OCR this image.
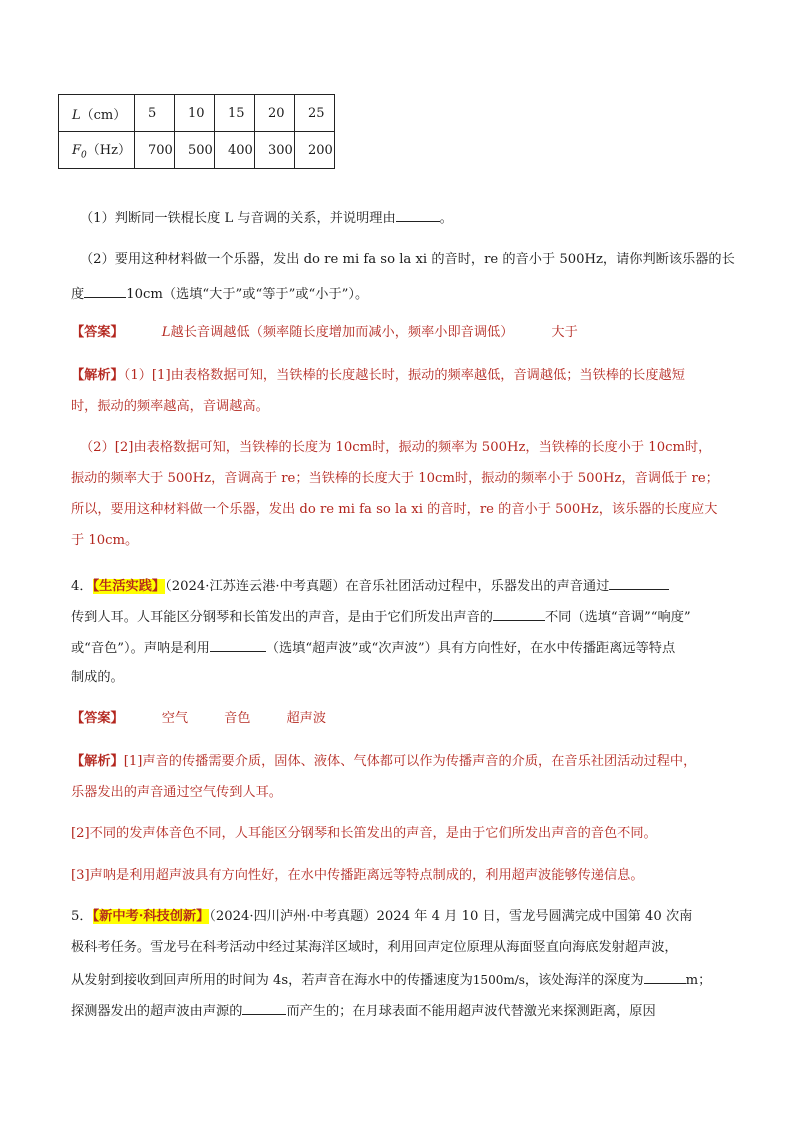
L（cm）	5	10	15	20	25
$F_0(Hz)$	700	500	400	300	200
（1）判断同一铁棍长度 L 与音调的关系，并说明理由	。
（2）要用这种材料做一个乐器，发出 do re mi fa so la xi 的音时，re 的音小于 500Hz，请你判断该乐器的长
度	10cm（选填“大于”或“等于”或“小于”）。
【答案】	L越长音调越低（频率随长度增加而减小，频率小即音调低）	大于
【解析】（1）[1]由表格数据可知，当铁棒的长度越长时，振动的频率越低，音调越低；当铁棒的长度越短
时，振动的频率越高，音调越高。
（2）[2]由表格数据可知，当铁棒的长度为 10cm时，振动的频率为 500Hz，当铁棒的长度小于 10cm时，
振动的频率大于 500Hz，音调高于 re；当铁棒的长度大于 10cm时，振动的频率小于 500Hz，音调低于 re；
所以，要用这种材料做一个乐器，发出 do re mi fa so la xi 的音时，re 的音小于 500Hz，该乐器的长度应大
于 10cm。
4．【生活实践】（2024·江苏连云港·中考真题）在音乐社团活动过程中，乐器发出的声音通过
传到人耳。人耳能区分钢琴和长笛发出的声音，是由于它们所发出声音的	不同（选填“音调”“响度”
或“音色”）。声呐是利用	（选填“超声波”或“次声波”）具有方向性好，在水中传播距离远等特点
制成的。
【答案】	空气	音色	超声波
【解析】[1]声音的传播需要介质，固体、液体、气体都可以作为传播声音的介质，在音乐社团活动过程中，
乐器发出的声音通过空气传到人耳。
[2]不同的发声体音色不同，人耳能区分钢琴和长笛发出的声音，是由于它们所发出声音的音色不同。
[3]声呐是利用超声波具有方向性好，在水中传播距离远等特点制成的，利用超声波能够传递信息。
5．【新中考·科技创新】（2024·四川泸州·中考真题）2024 年 4 月 10 日，雪龙号圆满完成中国第 40 次南
极科考任务。雪龙号在科考活动中经过某海洋区域时，利用回声定位原理从海面竖直向海底发射超声波，
从发射到接收到回声所用的时间为 4s，若声音在海水中的传播速度为1500m/s，该处海洋的深度为	m；
探测器发出的超声波由声源的	而产生的；在月球表面不能用超声波代替激光来探测距离，原因
